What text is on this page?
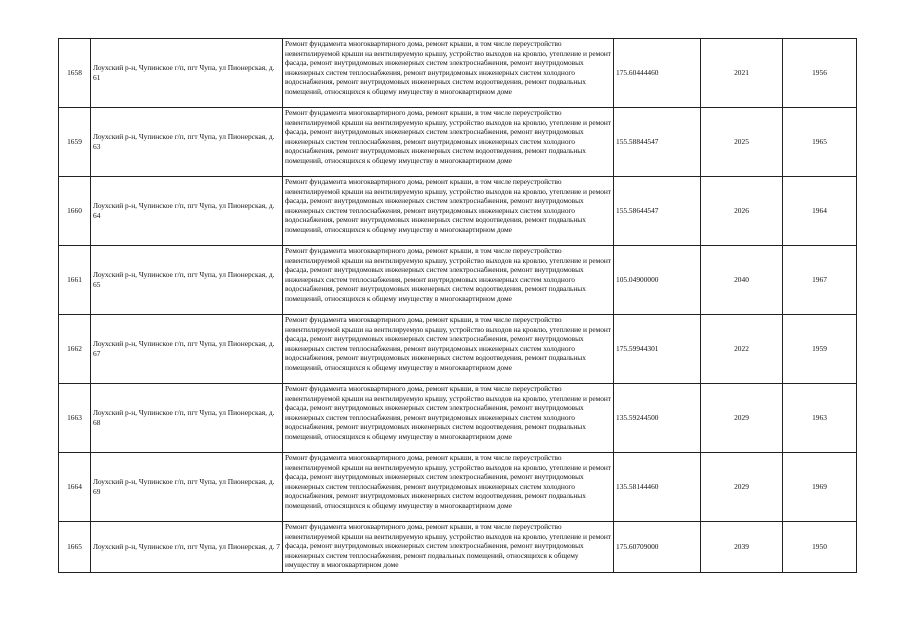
1658	Лоухский р-н, Чупинское г/п, пгт Чупа, ул Пионерская, д. 61	Ремонт фундамента многоквартирного дома, ремонт крыши, в том числе переустройство невентилируемой крыши на вентилируемую крышу, устройство выходов на кровлю, утепление и ремонт фасада, ремонт внутридомовых инженерных систем электроснабжения, ремонт внутридомовых инженерных систем теплоснабжения, ремонт внутридомовых инженерных систем холодного водоснабжения, ремонт внутридомовых инженерных систем водоотведения, ремонт подвальных помещений, относящихся к общему имуществу в многоквартирном доме	175.60444460	2021	1956
1659	Лоухский р-н, Чупинское г/п, пгт Чупа, ул Пионерская, д. 63	Ремонт фундамента многоквартирного дома, ремонт крыши, в том числе переустройство невентилируемой крыши на вентилируемую крышу, устройство выходов на кровлю, утепление и ремонт фасада, ремонт внутридомовых инженерных систем электроснабжения, ремонт внутридомовых инженерных систем теплоснабжения, ремонт внутридомовых инженерных систем холодного водоснабжения, ремонт внутридомовых инженерных систем водоотведения, ремонт подвальных помещений, относящихся к общему имуществу в многоквартирном доме	155.58844547	2025	1965
1660	Лоухский р-н, Чупинское г/п, пгт Чупа, ул Пионерская, д. 64	Ремонт фундамента многоквартирного дома, ремонт крыши, в том числе переустройство невентилируемой крыши на вентилируемую крышу, устройство выходов на кровлю, утепление и ремонт фасада, ремонт внутридомовых инженерных систем электроснабжения, ремонт внутридомовых инженерных систем теплоснабжения, ремонт внутридомовых инженерных систем холодного водоснабжения, ремонт внутридомовых инженерных систем водоотведения, ремонт подвальных помещений, относящихся к общему имуществу в многоквартирном доме	155.58644547	2026	1964
1661	Лоухский р-н, Чупинское г/п, пгт Чупа, ул Пионерская, д. 65	Ремонт фундамента многоквартирного дома, ремонт крыши, в том числе переустройство невентилируемой крыши на вентилируемую крышу, устройство выходов на кровлю, утепление и ремонт фасада, ремонт внутридомовых инженерных систем электроснабжения, ремонт внутридомовых инженерных систем теплоснабжения, ремонт внутридомовых инженерных систем холодного водоснабжения, ремонт внутридомовых инженерных систем водоотведения, ремонт подвальных помещений, относящихся к общему имуществу в многоквартирном доме	105.04900000	2040	1967
1662	Лоухский р-н, Чупинское г/п, пгт Чупа, ул Пионерская, д. 67	Ремонт фундамента многоквартирного дома, ремонт крыши, в том числе переустройство невентилируемой крыши на вентилируемую крышу, устройство выходов на кровлю, утепление и ремонт фасада, ремонт внутридомовых инженерных систем электроснабжения, ремонт внутридомовых инженерных систем теплоснабжения, ремонт внутридомовых инженерных систем холодного водоснабжения, ремонт внутридомовых инженерных систем водоотведения, ремонт подвальных помещений, относящихся к общему имуществу в многоквартирном доме	175.59944301	2022	1959
1663	Лоухский р-н, Чупинское г/п, пгт Чупа, ул Пионерская, д. 68	Ремонт фундамента многоквартирного дома, ремонт крыши, в том числе переустройство невентилируемой крыши на вентилируемую крышу, устройство выходов на кровлю, утепление и ремонт фасада, ремонт внутридомовых инженерных систем электроснабжения, ремонт внутридомовых инженерных систем теплоснабжения, ремонт внутридомовых инженерных систем холодного водоснабжения, ремонт внутридомовых инженерных систем водоотведения, ремонт подвальных помещений, относящихся к общему имуществу в многоквартирном доме	135.59244500	2029	1963
1664	Лоухский р-н, Чупинское г/п, пгт Чупа, ул Пионерская, д. 69	Ремонт фундамента многоквартирного дома, ремонт крыши, в том числе переустройство невентилируемой крыши на вентилируемую крышу, устройство выходов на кровлю, утепление и ремонт фасада, ремонт внутридомовых инженерных систем электроснабжения, ремонт внутридомовых инженерных систем теплоснабжения, ремонт внутридомовых инженерных систем холодного водоснабжения, ремонт внутридомовых инженерных систем водоотведения, ремонт подвальных помещений, относящихся к общему имуществу в многоквартирном доме	135.58144460	2029	1969
1665	Лоухский р-н, Чупинское г/п, пгт Чупа, ул Пионерская, д. 7	Ремонт фундамента многоквартирного дома, ремонт крыши, в том числе переустройство невентилируемой крыши на вентилируемую крышу, устройство выходов на кровлю, утепление и ремонт фасада, ремонт внутридомовых инженерных систем электроснабжения, ремонт внутридомовых инженерных систем теплоснабжения, ремонт подвальных помещений, относящихся к общему имуществу в многоквартирном доме	175.60709000	2039	1950
